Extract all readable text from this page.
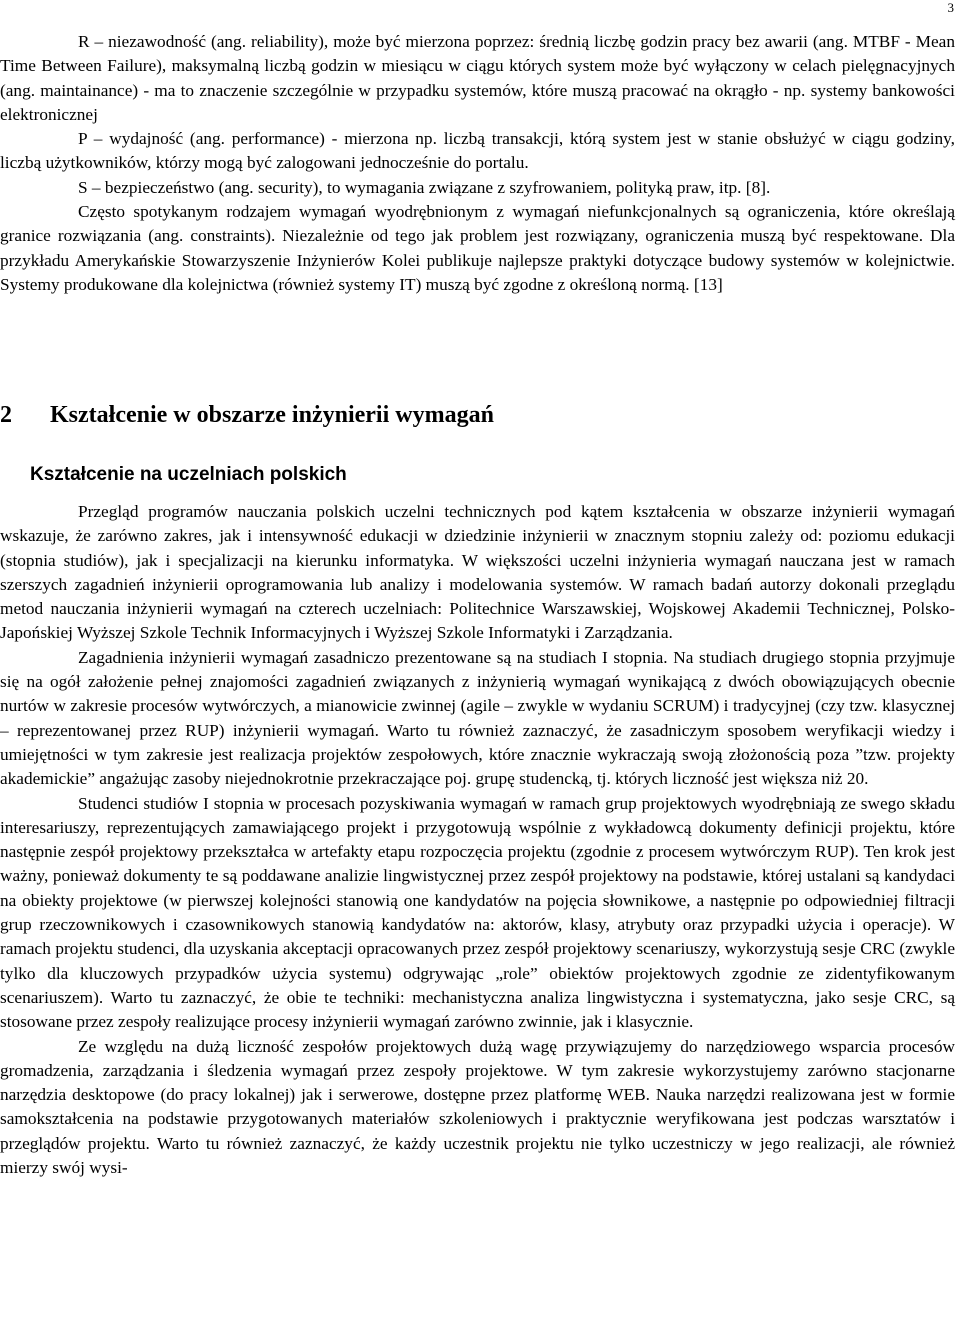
3

R – niezawodność (ang. reliability), może być mierzona poprzez: średnią liczbę godzin pracy bez awarii (ang. MTBF - Mean Time Between Failure), maksymalną liczbą godzin w miesiącu w ciągu których system może być wyłączony w celach pielęgnacyjnych (ang. maintainance) - ma to znaczenie szczególnie w przypadku systemów, które muszą pracować na okrągło - np. systemy bankowości elektronicznej

P – wydajność (ang. performance) - mierzona np. liczbą transakcji, którą system jest w stanie obsłużyć w ciągu godziny, liczbą użytkowników, którzy mogą być zalogowani jednocześnie do portalu.

S – bezpieczeństwo (ang. security), to wymagania związane z szyfrowaniem, polityką praw, itp. [8].

Często spotykanym rodzajem wymagań wyodrębnionym z wymagań niefunkcjonalnych są ograniczenia, które określają granice rozwiązania (ang. constraints). Niezależnie od tego jak problem jest rozwiązany, ograniczenia muszą być respektowane. Dla przykładu Amerykańskie Stowarzyszenie Inżynierów Kolei publikuje najlepsze praktyki dotyczące budowy systemów w kolejnictwie. Systemy produkowane dla kolejnictwa (również systemy IT) muszą być zgodne z określoną normą. [13]

2 Kształcenie w obszarze inżynierii wymagań
Kształcenie na uczelniach polskich

Przegląd programów nauczania polskich uczelni technicznych pod kątem kształcenia w obszarze inżynierii wymagań wskazuje, że zarówno zakres, jak i intensywność edukacji w dziedzinie inżynierii w znacznym stopniu zależy od: poziomu edukacji (stopnia studiów), jak i specjalizacji na kierunku informatyka. W większości uczelni inżynieria wymagań nauczana jest w ramach szerszych zagadnień inżynierii oprogramowania lub analizy i modelowania systemów. W ramach badań autorzy dokonali przeglądu metod nauczania inżynierii wymagań na czterech uczelniach: Politechnice Warszawskiej, Wojskowej Akademii Technicznej, Polsko-Japońskiej Wyższej Szkole Technik Informacyjnych i Wyższej Szkole Informatyki i Zarządzania.

Zagadnienia inżynierii wymagań zasadniczo prezentowane są na studiach I stopnia. Na studiach drugiego stopnia przyjmuje się na ogół założenie pełnej znajomości zagadnień związanych z inżynierią wymagań wynikającą z dwóch obowiązujących obecnie nurtów w zakresie procesów wytwórczych, a mianowicie zwinnej (agile – zwykle w wydaniu SCRUM) i tradycyjnej (czy tzw. klasycznej – reprezentowanej przez RUP) inżynierii wymagań. Warto tu również zaznaczyć, że zasadniczym sposobem weryfikacji wiedzy i umiejętności w tym zakresie jest realizacja projektów zespołowych, które znacznie wykraczają swoją złożonością poza ”tzw. projekty akademickie” angażując zasoby niejednokrotnie przekraczające poj. grupę studencką, tj. których liczność jest większa niż 20.

Studenci studiów I stopnia w procesach pozyskiwania wymagań w ramach grup projektowych wyodrębniają ze swego składu interesariuszy, reprezentujących zamawiającego projekt i przygotowują wspólnie z wykładowcą dokumenty definicji projektu, które następnie zespół projektowy przekształca w artefakty etapu rozpoczęcia projektu (zgodnie z procesem wytwórczym RUP). Ten krok jest ważny, ponieważ dokumenty te są poddawane analizie lingwistycznej przez zespół projektowy na podstawie, której ustalani są kandydaci na obiekty projektowe (w pierwszej kolejności stanowią one kandydatów na pojęcia słownikowe, a następnie po odpowiedniej filtracji grup rzeczownikowych i czasownikowych stanowią kandydatów na: aktorów, klasy, atrybuty oraz przypadki użycia i operacje). W ramach projektu studenci, dla uzyskania akceptacji opracowanych przez zespół projektowy scenariuszy, wykorzystują sesje CRC (zwykle tylko dla kluczowych przypadków użycia systemu) odgrywając „role” obiektów projektowych zgodnie ze zidentyfikowanym scenariuszem). Warto tu zaznaczyć, że obie te techniki: mechanistyczna analiza lingwistyczna i systematyczna, jako sesje CRC, są stosowane przez zespoły realizujące procesy inżynierii wymagań zarówno zwinnie, jak i klasycznie.

Ze względu na dużą liczność zespołów projektowych dużą wagę przywiązujemy do narzędziowego wsparcia procesów gromadzenia, zarządzania i śledzenia wymagań przez zespoły projektowe. W tym zakresie wykorzystujemy zarówno stacjonarne narzędzia desktopowe (do pracy lokalnej) jak i serwerowe, dostępne przez platformę WEB. Nauka narzędzi realizowana jest w formie samokształcenia na podstawie przygotowanych materiałów szkoleniowych i praktycznie weryfikowana jest podczas warsztatów i przeglądów projektu. Warto tu również zaznaczyć, że każdy uczestnik projektu nie tylko uczestniczy w jego realizacji, ale również mierzy swój wysi-
